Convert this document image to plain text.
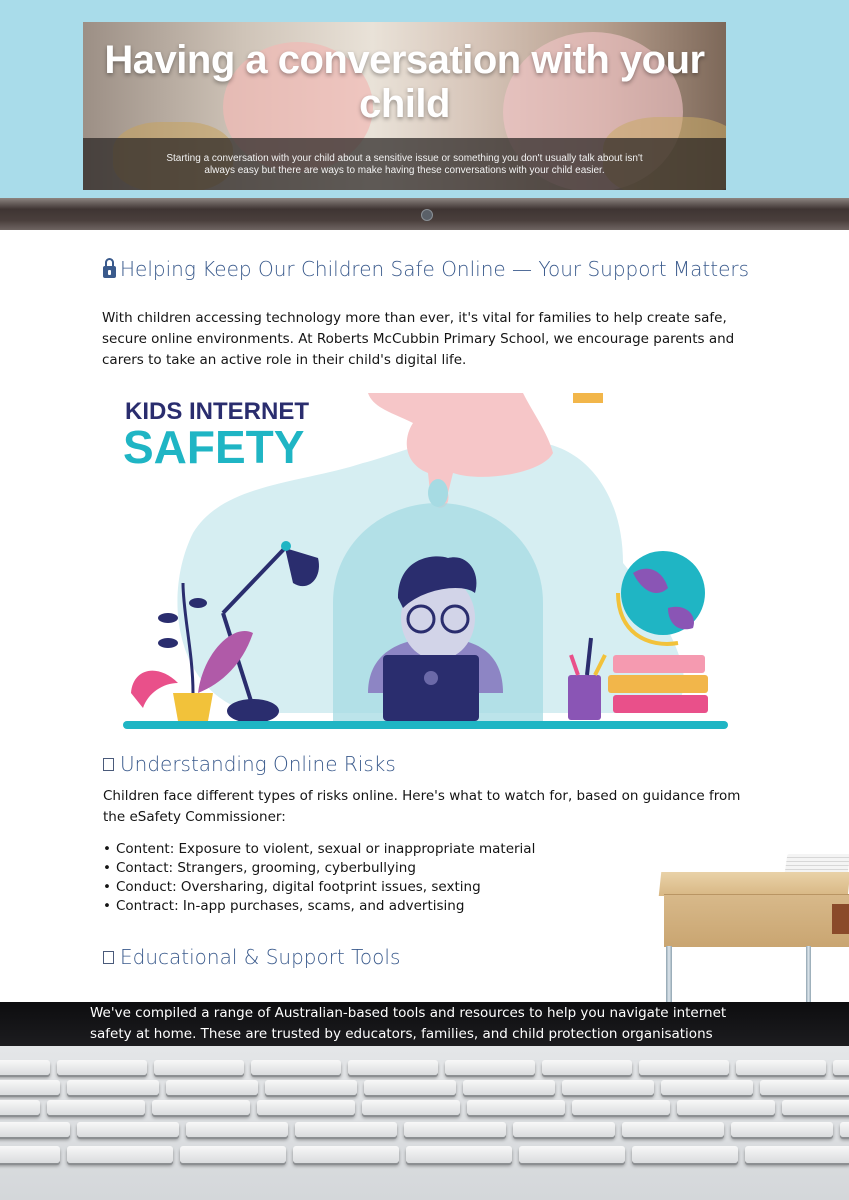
Having a conversation with your child
Starting a conversation with your child about a sensitive issue or something you don't usually talk about isn't always easy but there are ways to make having these conversations with your child easier.
Helping Keep Our Children Safe Online — Your Support Matters
With children accessing technology more than ever, it's vital for families to help create safe, secure online environments. At Roberts McCubbin Primary School, we encourage parents and carers to take an active role in their child's digital life.
KIDS INTERNET
SAFETY
Understanding Online Risks
Children face different types of risks online. Here's what to watch for, based on guidance from the eSafety Commissioner:
• Content: Exposure to violent, sexual or inappropriate material
• Contact: Strangers, grooming, cyberbullying
• Conduct: Oversharing, digital footprint issues, sexting
• Contract: In-app purchases, scams, and advertising
Educational & Support Tools
We've compiled a range of Australian-based tools and resources to help you navigate internet safety at home. These are trusted by educators, families, and child protection organisations
